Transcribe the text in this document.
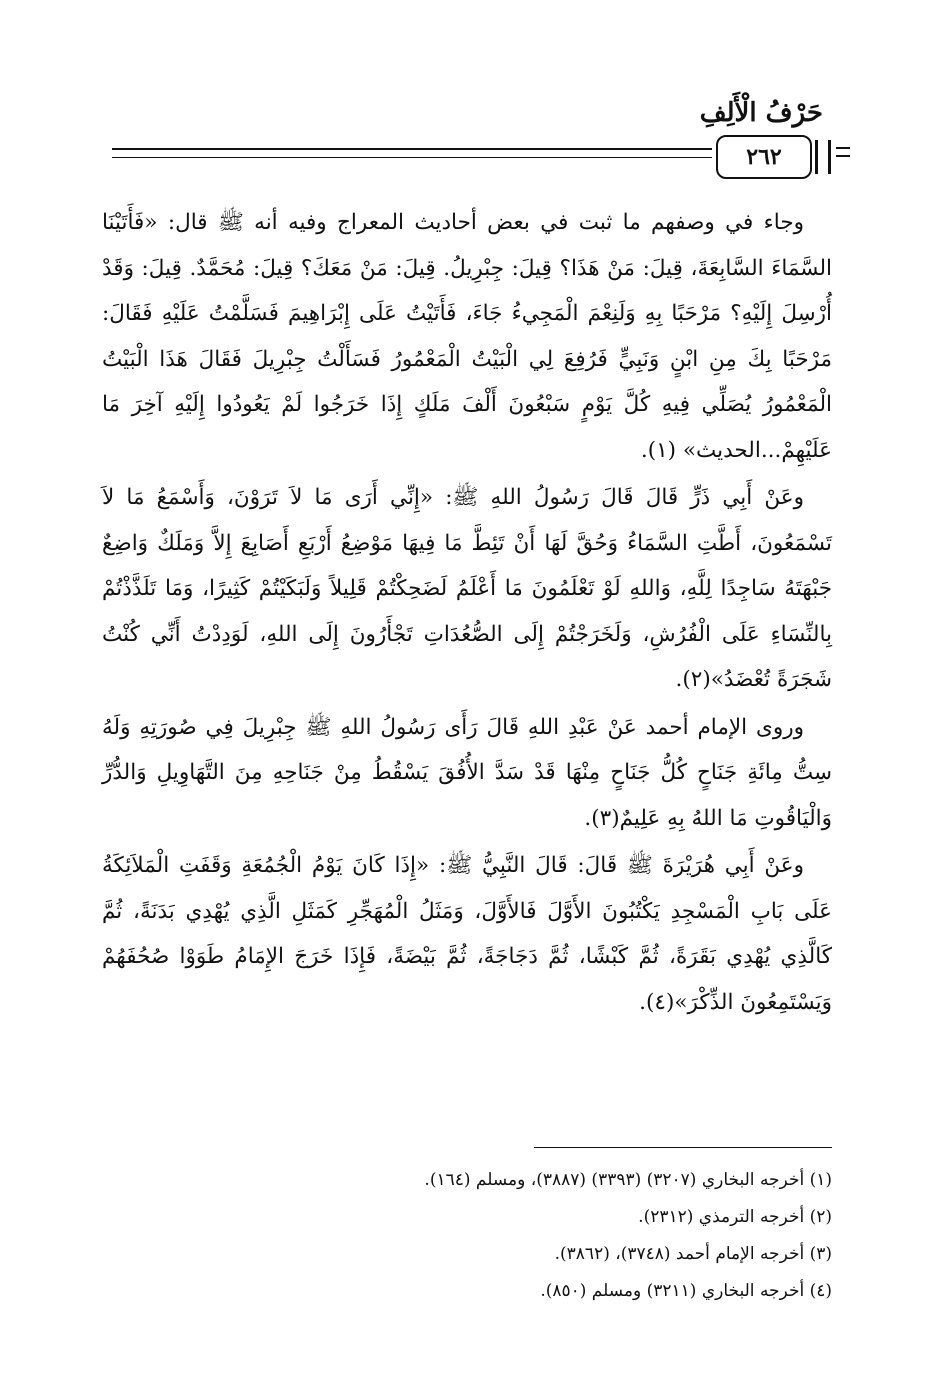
حَرْفُ الْأَلِفِ
٢٦٢

وجاء في وصفهم ما ثبت في بعض أحاديث المعراج وفيه أنه ﷺ قال: «فَأَتَيْنَا السَّمَاءَ السَّابِعَةَ، قِيلَ: مَنْ هَذَا؟ قِيلَ: جِبْرِيلُ. قِيلَ: مَنْ مَعَكَ؟ قِيلَ: مُحَمَّدٌ. قِيلَ: وَقَدْ أُرْسِلَ إِلَيْهِ؟ مَرْحَبًا بِهِ وَلَنِعْمَ الْمَجِيءُ جَاءَ، فَأَتَيْتُ عَلَى إِبْرَاهِيمَ فَسَلَّمْتُ عَلَيْهِ فَقَالَ: مَرْحَبًا بِكَ مِنِ ابْنٍ وَنَبِيٍّ فَرُفِعَ لِي الْبَيْتُ الْمَعْمُورُ فَسَأَلْتُ جِبْرِيلَ فَقَالَ هَذَا الْبَيْتُ الْمَعْمُورُ يُصَلِّي فِيهِ كُلَّ يَوْمٍ سَبْعُونَ أَلْفَ مَلَكٍ إِذَا خَرَجُوا لَمْ يَعُودُوا إِلَيْهِ آخِرَ مَا عَلَيْهِمْ...الحديث» (١).

وعَنْ أَبِي ذَرٍّ قَالَ قَالَ رَسُولُ اللهِ ﷺ: «إِنِّي أَرَى مَا لاَ تَرَوْنَ، وَأَسْمَعُ مَا لاَ تَسْمَعُونَ، أَطَّتِ السَّمَاءُ وَحُقَّ لَهَا أَنْ تَئِطَّ مَا فِيهَا مَوْضِعُ أَرْبَعِ أَصَابِعَ إِلاَّ وَمَلَكٌ وَاضِعٌ جَبْهَتَهُ سَاجِدًا لِلَّهِ، وَاللهِ لَوْ تَعْلَمُونَ مَا أَعْلَمُ لَضَحِكْتُمْ قَلِيلاً وَلَبَكَيْتُمْ كَثِيرًا، وَمَا تَلَذَّذْتُمْ بِالنِّسَاءِ عَلَى الْفُرُشِ، وَلَخَرَجْتُمْ إِلَى الصُّعُدَاتِ تَجْأَرُونَ إِلَى اللهِ، لَوَدِدْتُ أَنِّي كُنْتُ شَجَرَةً تُعْضَدُ»(٢).

وروى الإمام أحمد عَنْ عَبْدِ اللهِ قَالَ رَأَى رَسُولُ اللهِ ﷺ جِبْرِيلَ فِي صُورَتِهِ وَلَهُ سِتُّ مِائَةِ جَنَاحٍ كُلُّ جَنَاحٍ مِنْهَا قَدْ سَدَّ الأُفُقَ يَسْقُطُ مِنْ جَنَاحِهِ مِنَ التَّهَاوِيلِ وَالدُّرِّ وَالْيَاقُوتِ مَا اللهُ بِهِ عَلِيمٌ(٣).

وعَنْ أَبِي هُرَيْرَةَ ﷺ قَالَ: قَالَ النَّبِيُّ ﷺ: «إِذَا كَانَ يَوْمُ الْجُمُعَةِ وَقَفَتِ الْمَلاَئِكَةُ عَلَى بَابِ الْمَسْجِدِ يَكْتُبُونَ الأَوَّلَ فَالأَوَّلَ، وَمَثَلُ الْمُهَجِّرِ كَمَثَلِ الَّذِي يُهْدِي بَدَنَةً، ثُمَّ كَالَّذِي يُهْدِي بَقَرَةً، ثُمَّ كَبْشًا، ثُمَّ دَجَاجَةً، ثُمَّ بَيْضَةً، فَإِذَا خَرَجَ الإِمَامُ طَوَوْا صُحُفَهُمْ وَيَسْتَمِعُونَ الذِّكْرَ»(٤).

(١) أخرجه البخاري (٣٢٠٧) (٣٣٩٣) (٣٨٨٧)، ومسلم (١٦٤).
(٢) أخرجه الترمذي (٢٣١٢).
(٣) أخرجه الإمام أحمد (٣٧٤٨)، (٣٨٦٢).
(٤) أخرجه البخاري (٣٢١١) ومسلم (٨٥٠).
